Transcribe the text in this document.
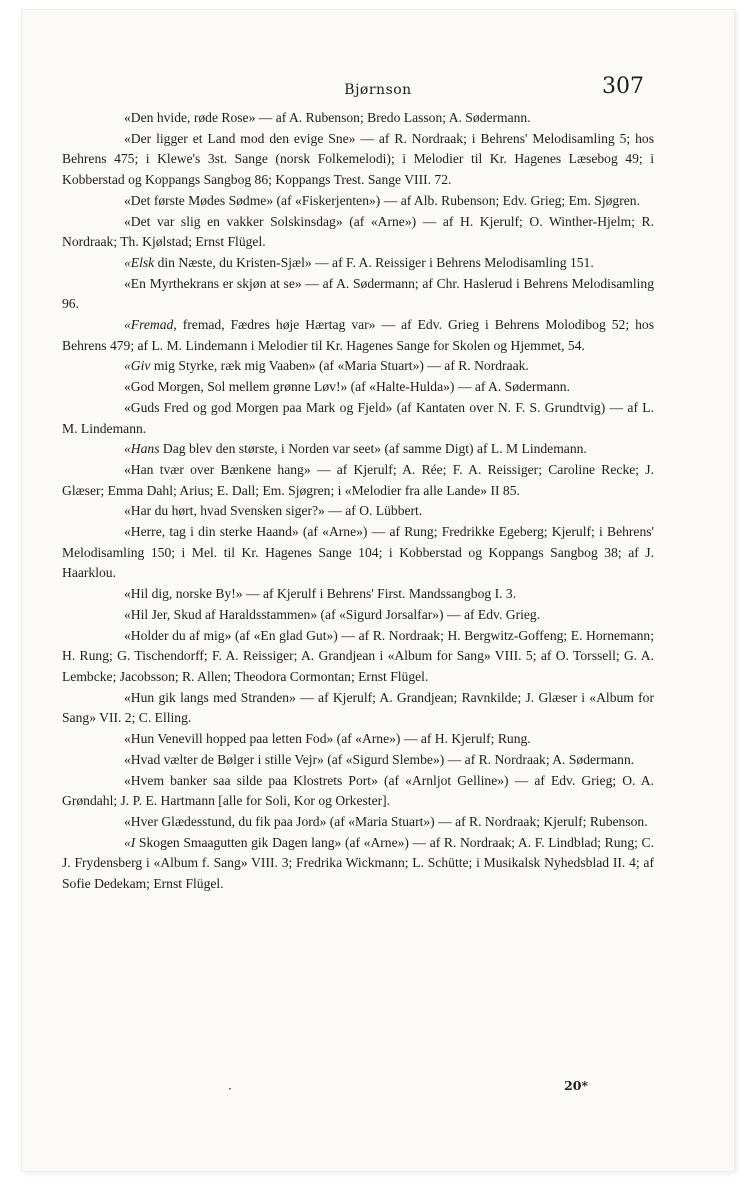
Bjørnson	307

«Den hvide, røde Rose» — af A. Rubenson; Bredo Lasson; A. Sødermann.

«Der ligger et Land mod den evige Sne» — af R. Nordraak; i Behrens' Melodisamling 5; hos Behrens 475; i Klewe's 3st. Sange (norsk Folkemelodi); i Melodier til Kr. Hagenes Læsebog 49; i Kobberstad og Koppangs Sangbog 86; Koppangs Trest. Sange VIII. 72.

«Det første Mødes Sødme» (af «Fiskerjenten») — af Alb. Rubenson; Edv. Grieg; Em. Sjøgren.

«Det var slig en vakker Solskinsdag» (af «Arne») — af H. Kjerulf; O. Winther-Hjelm; R. Nordraak; Th. Kjølstad; Ernst Flügel.

«Elsk din Næste, du Kristen-Sjæl» — af F. A. Reissiger i Behrens Melodisamling 151.

«En Myrthekrans er skjøn at se» — af A. Sødermann; af Chr. Haslerud i Behrens Melodisamling 96.

«Fremad, fremad, Fædres høje Hærtag var» — af Edv. Grieg i Behrens Molodibog 52; hos Behrens 479; af L. M. Lindemann i Melodier til Kr. Hagenes Sange for Skolen og Hjemmet, 54.

«Giv mig Styrke, ræk mig Vaaben» (af «Maria Stuart») — af R. Nordraak.

«God Morgen, Sol mellem grønne Løv!» (af «Halte-Hulda») — af A. Sødermann.

«Guds Fred og god Morgen paa Mark og Fjeld» (af Kantaten over N. F. S. Grundtvig) — af L. M. Lindemann.

«Hans Dag blev den største, i Norden var seet» (af samme Digt) af L. M Lindemann.

«Han tvær over Bænkene hang» — af Kjerulf; A. Rée; F. A. Reissiger; Caroline Recke; J. Glæser; Emma Dahl; Arius; E. Dall; Em. Sjøgren; i «Melodier fra alle Lande» II 85.

«Har du hørt, hvad Svensken siger?» — af O. Lübbert.

«Herre, tag i din sterke Haand» (af «Arne») — af Rung; Fredrikke Egeberg; Kjerulf; i Behrens' Melodisamling 150; i Mel. til Kr. Hagenes Sange 104; i Kobberstad og Koppangs Sangbog 38; af J. Haarklou.

«Hil dig, norske By!» — af Kjerulf i Behrens' First. Mandssangbog I. 3.

«Hil Jer, Skud af Haraldsstammen» (af «Sigurd Jorsalfar») — af Edv. Grieg.

«Holder du af mig» (af «En glad Gut») — af R. Nordraak; H. Bergwitz-Goffeng; E. Hornemann; H. Rung; G. Tischendorff; F. A. Reissiger; A. Grandjean i «Album for Sang» VIII. 5; af O. Torssell; G. A. Lembcke; Jacobsson; R. Allen; Theodora Cormontan; Ernst Flügel.

«Hun gik langs med Stranden» — af Kjerulf; A. Grandjean; Ravnkilde; J. Glæser i «Album for Sang» VII. 2; C. Elling.

«Hun Venevill hopped paa letten Fod» (af «Arne») — af H. Kjerulf; Rung.

«Hvad vælter de Bølger i stille Vejr» (af «Sigurd Slembe») — af R. Nordraak; A. Sødermann.

«Hvem banker saa silde paa Klostrets Port» (af «Arnljot Gelline») — af Edv. Grieg; O. A. Grøndahl; J. P. E. Hartmann [alle for Soli, Kor og Orkester].

«Hver Glædesstund, du fik paa Jord» (af «Maria Stuart») — af R. Nordraak; Kjerulf; Rubenson.

«I Skogen Smaagutten gik Dagen lang» (af «Arne») — af R. Nordraak; A. F. Lindblad; Rung; C. J. Frydensberg i «Album f. Sang» VIII. 3; Fredrika Wickmann; L. Schütte; i Musikalsk Nyhedsblad II. 4; af Sofie Dedekam; Ernst Flügel.

·	20*
